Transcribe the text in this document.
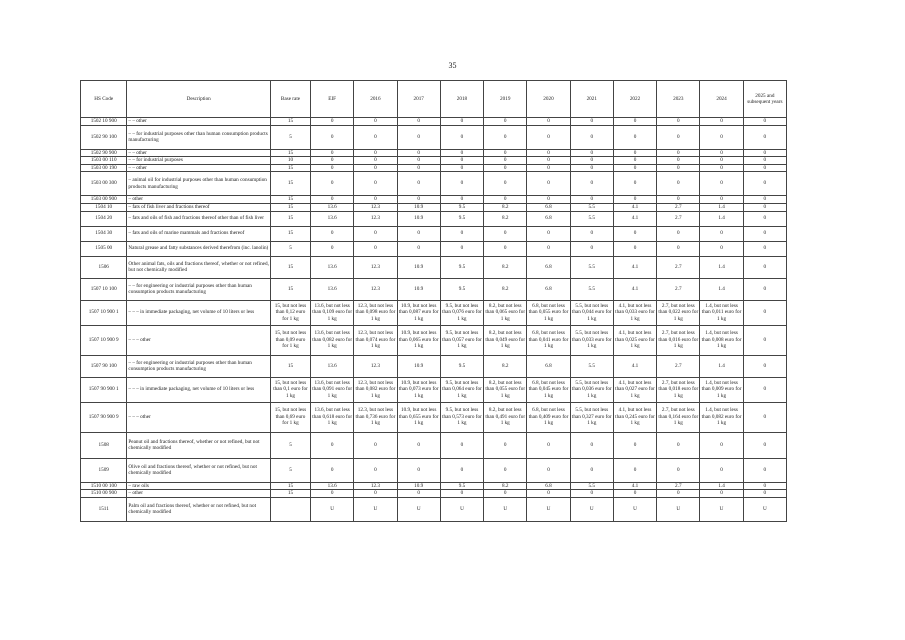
35
HS Code	Description	Base rate	EIF	2016	2017	2018	2019	2020	2021	2022	2023	2024	2025 and subsequent years
1502 10 900	– – other	15	0	0	0	0	0	0	0	0	0	0	0
1502 90 100	– – for industrial purposes other than human consumption products manufacturing	5	0	0	0	0	0	0	0	0	0	0	0
1502 90 900	– – other	15	0	0	0	0	0	0	0	0	0	0	0
1503 00 110	– – for industrial purposes	10	0	0	0	0	0	0	0	0	0	0	0
1503 00 190	– – other	15	0	0	0	0	0	0	0	0	0	0	0
1503 00 300	– animal oil for industrial purposes other than human consumption products manufacturing	15	0	0	0	0	0	0	0	0	0	0	0
1503 00 900	– other	15	0	0	0	0	0	0	0	0	0	0	0
1504 10	– fats of fish liver and fractions thereof	15	13.6	12.3	10.9	9.5	8.2	6.8	5.5	4.1	2.7	1.4	0
1504 20	– fats and oils of fish and fractions thereof other than of fish liver	15	13.6	12.3	10.9	9.5	8.2	6.8	5.5	4.1	2.7	1.4	0
1504 30	– fats and oils of marine mammals and fractions thereof	15	0	0	0	0	0	0	0	0	0	0	0
1505 00	Natural grease and fatty substances derived therefrom (inc. lanolin)	5	0	0	0	0	0	0	0	0	0	0	0
1506	Other animal fats, oils and fractions thereof, whether or not refined, but not chemically modified	15	13.6	12.3	10.9	9.5	8.2	6.8	5.5	4.1	2.7	1.4	0
1507 10 100	– – for engineering or industrial purposes other than human consumption products manufacturing	15	13.6	12.3	10.9	9.5	8.2	6.8	5.5	4.1	2.7	1.4	0
1507 10 900 1	– – – in immediate packaging, net volume of 10 liters or less	15, but not less than 0,12 euro for 1 kg	13.6, but not less than 0,109 euro for 1 kg	12.3, but not less than 0,098 euro for 1 kg	10.9, but not less than 0,087 euro for 1 kg	9.5, but not less than 0,076 euro for 1 kg	8.2, but not less than 0,065 euro for 1 kg	6.8, but not less than 0,055 euro for 1 kg	5.5, but not less than 0,044 euro for 1 kg	4.1, but not less than 0,033 euro for 1 kg	2.7, but not less than 0,022 euro for 1 kg	1.4, but not less than 0,011 euro for 1 kg	0
1507 10 900 9	– – – other	15, but not less than 0,09 euro for 1 kg	13.6, but not less than 0,082 euro for 1 kg	12.3, but not less than 0,074 euro for 1 kg	10.9, but not less than 0,065 euro for 1 kg	9.5, but not less than 0,057 euro for 1 kg	8.2, but not less than 0,049 euro for 1 kg	6.8, but not less than 0,041 euro for 1 kg	5.5, but not less than 0,033 euro for 1 kg	4.1, but not less than 0,025 euro for 1 kg	2.7, but not less than 0,016 euro for 1 kg	1.4, but not less than 0,008 euro for 1 kg	0
1507 90 100	– – for engineering or industrial purposes other than human consumption products manufacturing	15	13.6	12.3	10.9	9.5	8.2	6.8	5.5	4.1	2.7	1.4	0
1507 90 900 1	– – – in immediate packaging, net volume of 10 liters or less	15, but not less than 0,1 euro for 1 kg	13.6, but not less than 0,091 euro for 1 kg	12.3, but not less than 0,082 euro for 1 kg	10.9, but not less than 0,073 euro for 1 kg	9.5, but not less than 0,064 euro for 1 kg	8.2, but not less than 0,055 euro for 1 kg	6.8, but not less than 0,045 euro for 1 kg	5.5, but not less than 0,036 euro for 1 kg	4.1, but not less than 0,027 euro for 1 kg	2.7, but not less than 0,018 euro for 1 kg	1.4, but not less than 0,009 euro for 1 kg	0
1507 90 900 9	– – – other	15, but not less than 0,69 euro for 1 kg	13.6, but not less than 0,618 euro for 1 kg	12.3, but not less than 0,736 euro for 1 kg	10.9, but not less than 0,655 euro for 1 kg	9.5, but not less than 0,573 euro for 1 kg	8.2, but not less than 0,491 euro for 1 kg	6.8, but not less than 0,409 euro for 1 kg	5.5, but not less than 0,327 euro for 1 kg	4.1, but not less than 0,245 euro for 1 kg	2.7, but not less than 0,164 euro for 1 kg	1.4, but not less than 0,082 euro for 1 kg	0
1508	Peanut oil and fractions thereof, whether or not refined, but not chemically modified	5	0	0	0	0	0	0	0	0	0	0	0
1509	Olive oil and fractions thereof, whether or not refined, but not chemically modified	5	0	0	0	0	0	0	0	0	0	0	0
1510 00 100	– raw oils	15	13.6	12.3	10.9	9.5	8.2	6.8	5.5	4.1	2.7	1.4	0
1510 00 900	– other	15	0	0	0	0	0	0	0	0	0	0	0
1511	Palm oil and fractions thereof, whether or not refined, but not chemically modified		U	U	U	U	U	U	U	U	U	U	U
